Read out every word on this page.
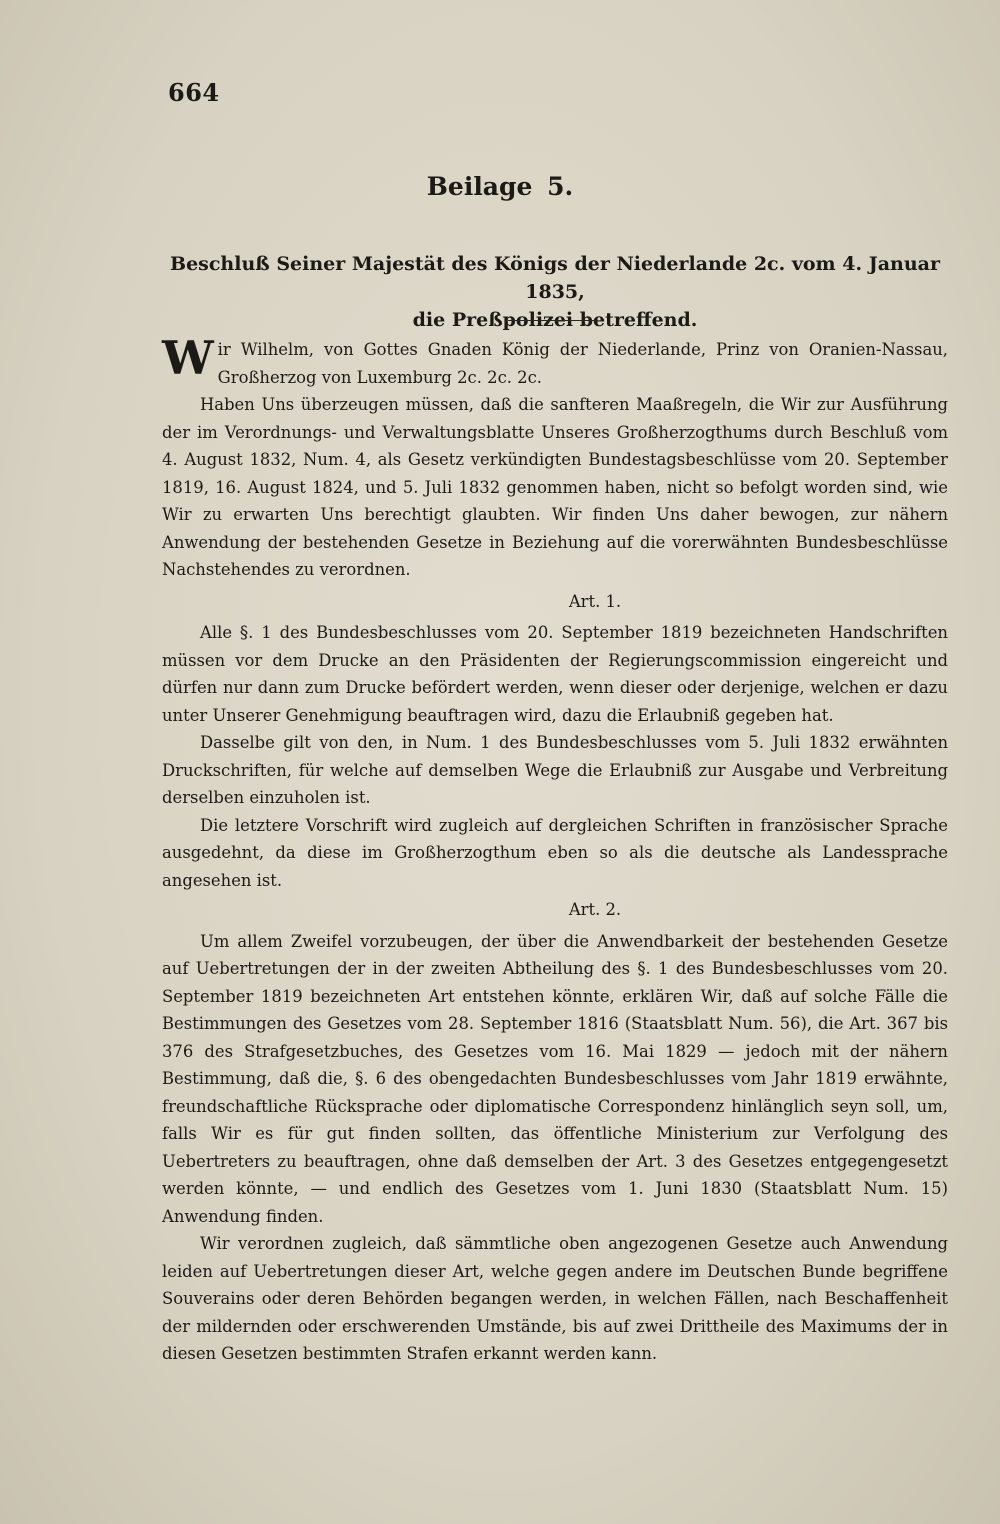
664
Beilage 5.
Beschluß Seiner Majestät des Königs der Niederlande 2c. vom 4. Januar 1835,
die Preßpolizei betreffend.

Wir Wilhelm, von Gottes Gnaden König der Niederlande, Prinz von Oranien-Nassau, Großherzog von Luxemburg 2c. 2c. 2c.

Haben Uns überzeugen müssen, daß die sanfteren Maaßregeln, die Wir zur Ausführung der im Verordnungs- und Verwaltungsblatte Unseres Großherzogthums durch Beschluß vom 4. August 1832, Num. 4, als Gesetz verkündigten Bundestagsbeschlüsse vom 20. September 1819, 16. August 1824, und 5. Juli 1832 genommen haben, nicht so befolgt worden sind, wie Wir zu erwarten Uns berechtigt glaubten. Wir finden Uns daher bewogen, zur nähern Anwendung der bestehenden Gesetze in Beziehung auf die vorerwähnten Bundesbeschlüsse Nachstehendes zu verordnen.

Art. 1.

Alle §. 1 des Bundesbeschlusses vom 20. September 1819 bezeichneten Handschriften müssen vor dem Drucke an den Präsidenten der Regierungscommission eingereicht und dürfen nur dann zum Drucke befördert werden, wenn dieser oder derjenige, welchen er dazu unter Unserer Genehmigung beauftragen wird, dazu die Erlaubniß gegeben hat.

Dasselbe gilt von den, in Num. 1 des Bundesbeschlusses vom 5. Juli 1832 erwähnten Druckschriften, für welche auf demselben Wege die Erlaubniß zur Ausgabe und Verbreitung derselben einzuholen ist.

Die letztere Vorschrift wird zugleich auf dergleichen Schriften in französischer Sprache ausgedehnt, da diese im Großherzogthum eben so als die deutsche als Landessprache angesehen ist.

Art. 2.

Um allem Zweifel vorzubeugen, der über die Anwendbarkeit der bestehenden Gesetze auf Uebertretungen der in der zweiten Abtheilung des §. 1 des Bundesbeschlusses vom 20. September 1819 bezeichneten Art entstehen könnte, erklären Wir, daß auf solche Fälle die Bestimmungen des Gesetzes vom 28. September 1816 (Staatsblatt Num. 56), die Art. 367 bis 376 des Strafgesetzbuches, des Gesetzes vom 16. Mai 1829 — jedoch mit der nähern Bestimmung, daß die, §. 6 des obengedachten Bundesbeschlusses vom Jahr 1819 erwähnte, freundschaftliche Rücksprache oder diplomatische Correspondenz hinlänglich seyn soll, um, falls Wir es für gut finden sollten, das öffentliche Ministerium zur Verfolgung des Uebertreters zu beauftragen, ohne daß demselben der Art. 3 des Gesetzes entgegengesetzt werden könnte, — und endlich des Gesetzes vom 1. Juni 1830 (Staatsblatt Num. 15) Anwendung finden.

Wir verordnen zugleich, daß sämmtliche oben angezogenen Gesetze auch Anwendung leiden auf Uebertretungen dieser Art, welche gegen andere im Deutschen Bunde begriffene Souverains oder deren Behörden begangen werden, in welchen Fällen, nach Beschaffenheit der mildernden oder erschwerenden Umstände, bis auf zwei Drittheile des Maximums der in diesen Gesetzen bestimmten Strafen erkannt werden kann.
